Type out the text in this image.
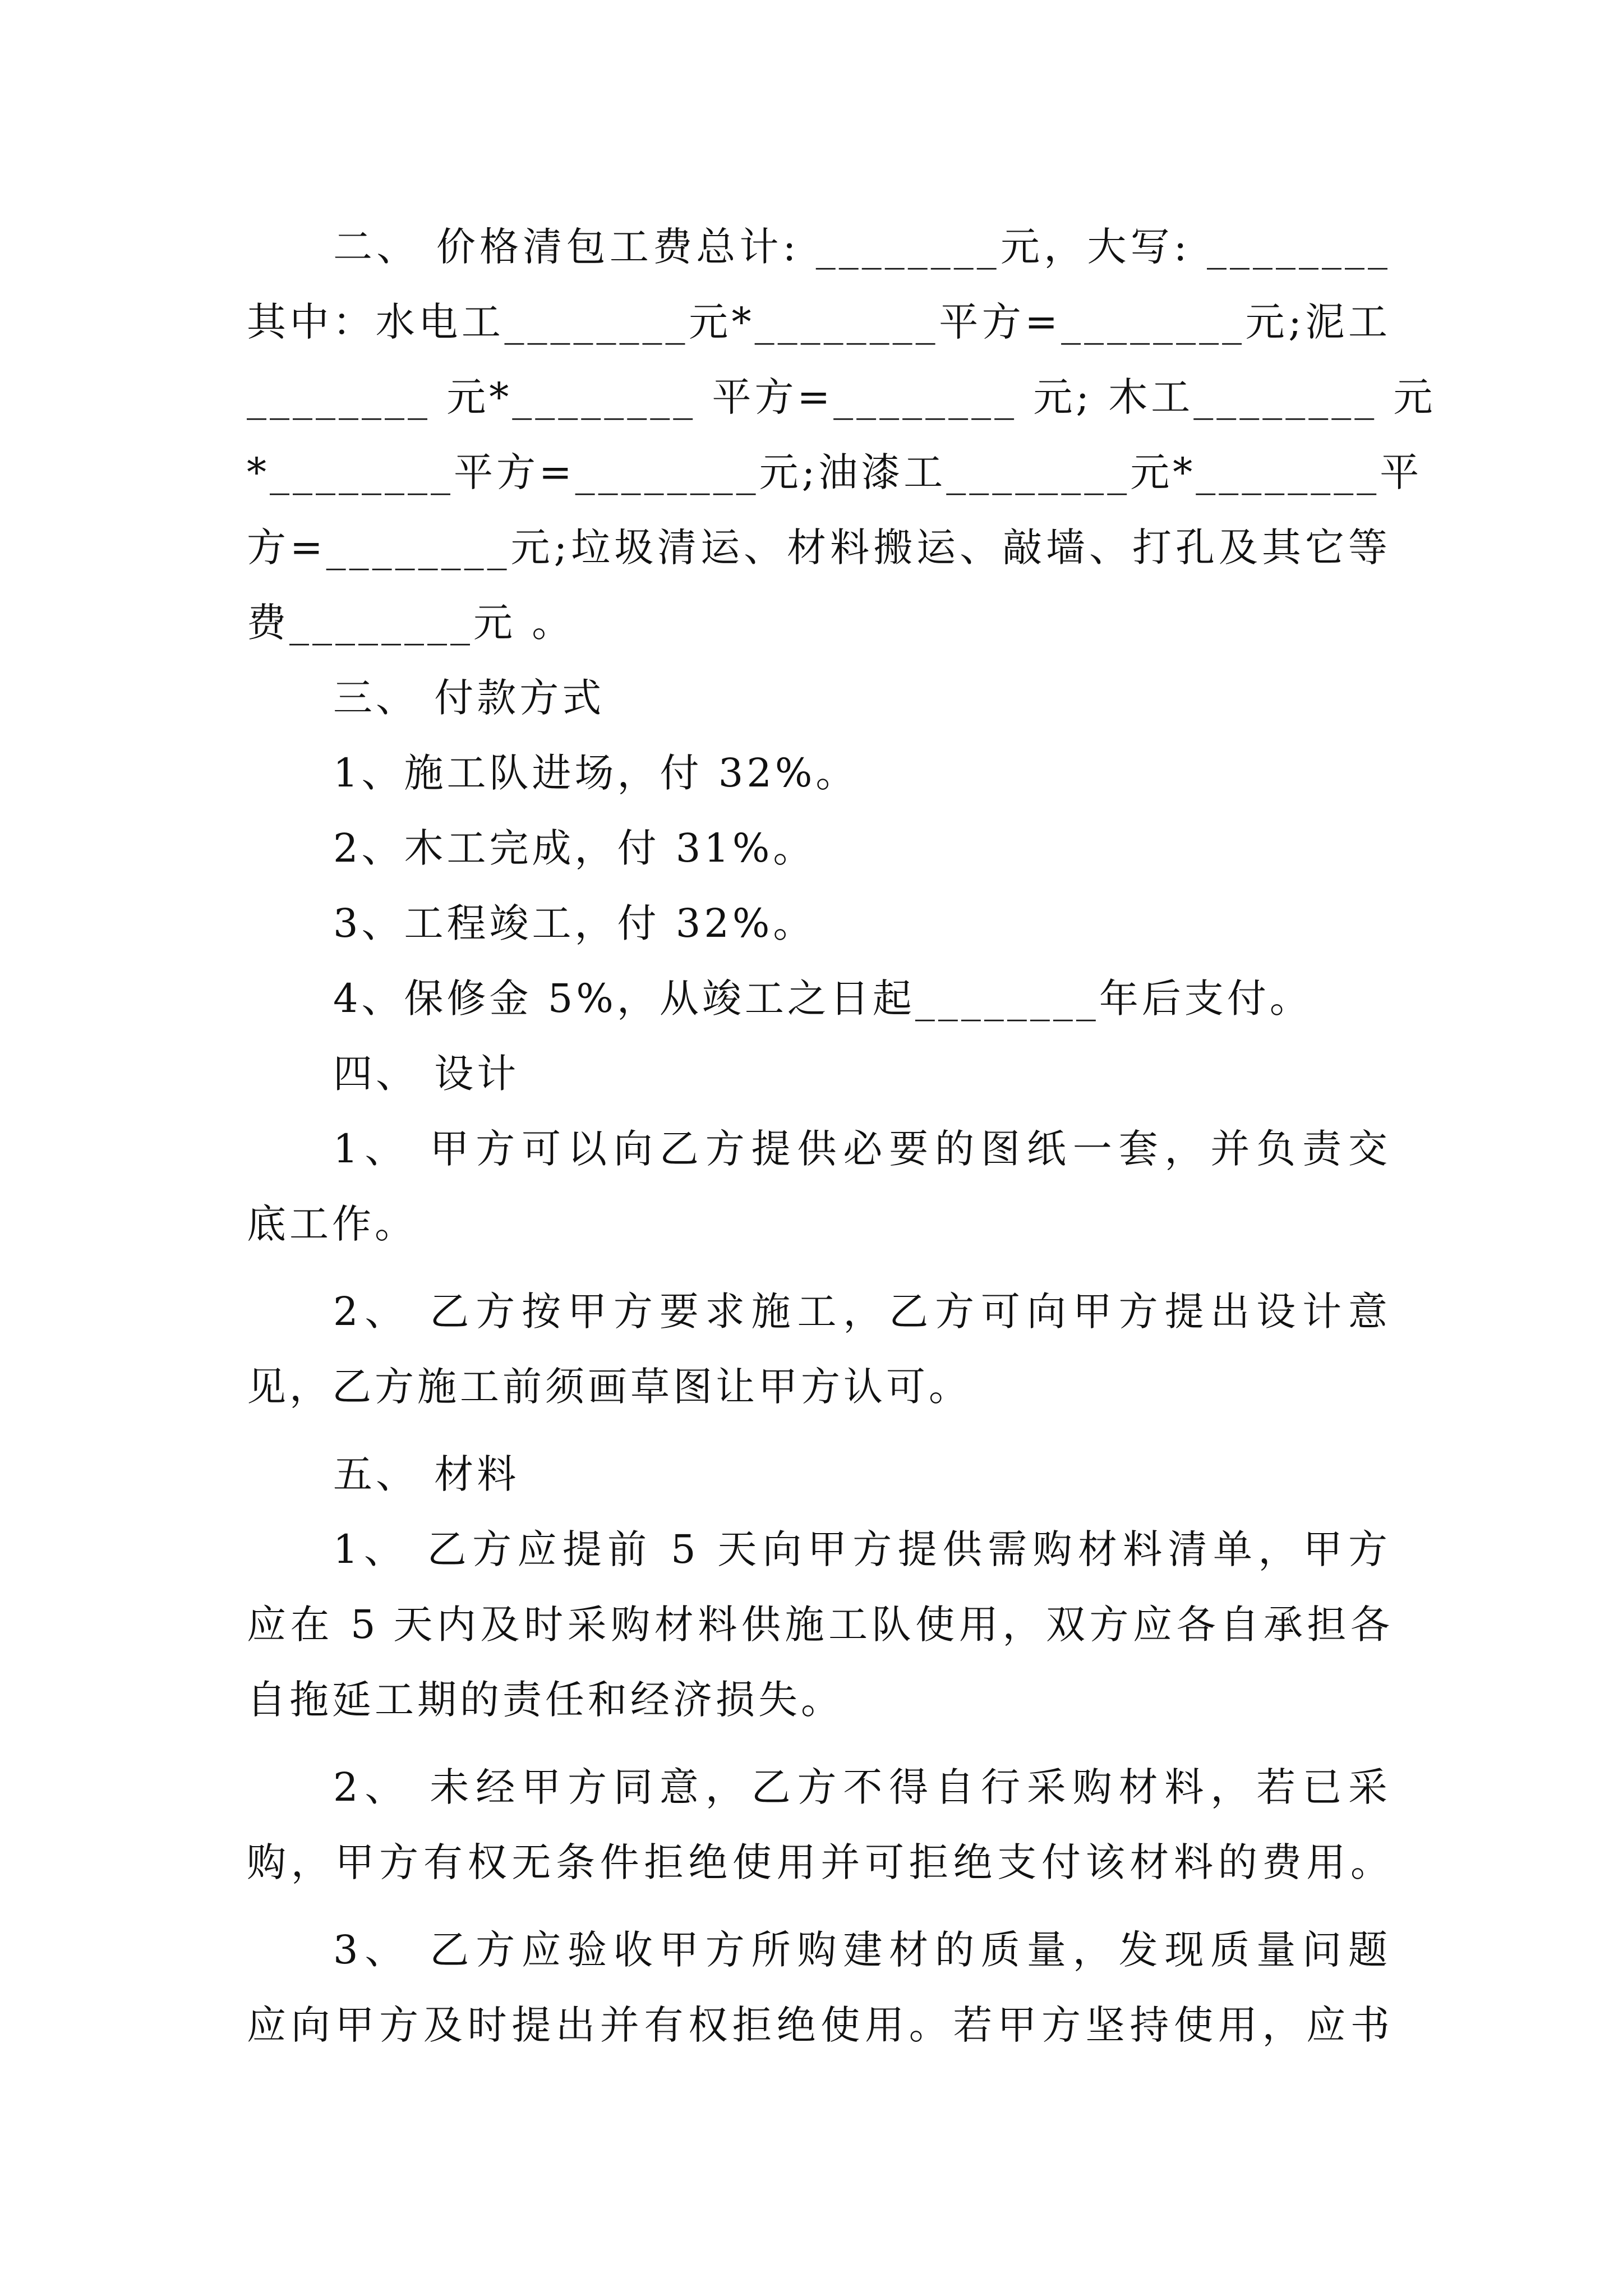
二、 价格清包工费总计: ________元，大写: ________
其中：水电工________元*________平方=________元;泥工
________ 元*________ 平方=________ 元; 木工________ 元
*________平方=________元;油漆工________元*________平
方=________元;垃圾清运、材料搬运、敲墙、打孔及其它等
费________元 。
三、 付款方式
1、施工队进场，付 32%。
2、木工完成，付 31%。
3、工程竣工，付 32%。
4、保修金 5%，从竣工之日起________年后支付。
四、 设计
1、 甲方可以向乙方提供必要的图纸一套，并负责交
底工作。
2、 乙方按甲方要求施工，乙方可向甲方提出设计意
见，乙方施工前须画草图让甲方认可。
五、 材料
1、 乙方应提前 5 天向甲方提供需购材料清单，甲方
应在 5 天内及时采购材料供施工队使用，双方应各自承担各
自拖延工期的责任和经济损失。
2、 未经甲方同意，乙方不得自行采购材料，若已采
购，甲方有权无条件拒绝使用并可拒绝支付该材料的费用。
3、 乙方应验收甲方所购建材的质量，发现质量问题
应向甲方及时提出并有权拒绝使用。若甲方坚持使用，应书
